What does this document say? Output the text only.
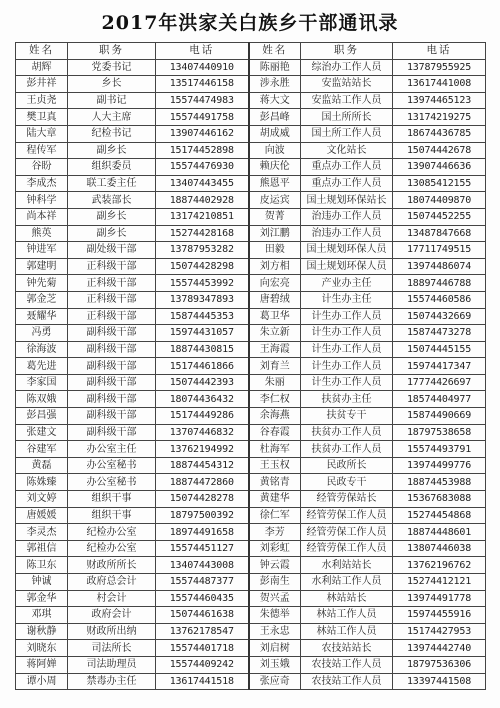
2017年洪家关白族乡干部通讯录
姓名	职务	电话	姓名	职务	电话
胡辉	党委书记	13407440910	陈丽艳	综治办工作人员	13787955925
彭井祥	乡长	13517446158	涉永胜	安监站站长	13617441008
王贞尧	副书记	15574474983	蒋大文	安监站工作人员	13974465123
樊卫真	人大主席	15574491758	彭昌峰	国土所所长	13174219275
陆大章	纪检书记	13907446162	胡成威	国土所工作人员	18674436785
程传军	副乡长	15174452898	向波	文化站长	15074442678
谷盼	组织委员	15574476930	赖庆伦	重点办工作人员	13907446636
李成杰	联工委主任	13407443455	熊恩平	重点办工作人员	13085412155
钟科学	武装部长	18874402928	皮运宾	国土规划环保站长	18074409870
尚本祥	副乡长	13174210851	贺菁	治违办工作人员	15074452255
熊英	副乡长	15274428168	刘江鹏	治违办工作人员	13487847668
钟进军	副处级干部	13787953282	田毅	国土规划环保人员	17711749515
郭建明	正科级干部	15074428298	刘方相	国土规划环保人员	13974486074
钟先菊	正科级干部	15574453992	向宏亮	产业办主任	18897446788
郭金芝	正科级干部	13789347893	唐碧绒	计生办主任	15574460586
聂耀华	正科级干部	15874445353	葛卫华	计生办工作人员	15074432669
冯勇	副科级干部	15974431057	朱立新	计生办工作人员	15874473278
徐海波	副科级干部	18874430815	王海霞	计生办工作人员	15074445155
葛先进	副科级干部	15174461866	刘育兰	计生办工作人员	15974417347
李家国	副科级干部	15074442393	朱丽	计生办工作人员	17774426697
陈双娥	副科级干部	18074436432	李仁权	扶贫办主任	18574404977
彭昌强	副科级干部	15174449286	余海燕	扶贫专干	15874490669
张建文	副科级干部	13707446832	谷春霞	扶贫办工作人员	18797538658
谷建军	办公室主任	13762194992	杜海军	扶贫办工作人员	15574493791
黄磊	办公室秘书	18874454312	王玉权	民政所长	13974499776
陈姝臻	办公室秘书	18874472860	黄铭青	民政专干	18874453988
刘文婷	组织干事	15074428278	黄建华	经管劳保站长	15367683088
唐媛媛	组织干事	18797500392	徐仁军	经管劳保工作人员	15274454868
李灵杰	纪检办公室	18974491658	李芳	经管劳保工作人员	18874448601
郭祖信	纪检办公室	15574451127	刘彩虹	经管劳保工作人员	13807446038
陈卫东	财政所所长	13407443008	钟云霞	水利站站长	13762196762
钟诚	政府总会计	15574487377	彭南生	水利站工作人员	15274412121
郭金华	村会计	15574460435	贺兴孟	林站站长	13974491778
邓琪	政府会计	15074461638	朱德举	林站工作人员	15974455916
谢秋静	财政所出纳	13762178547	王永忠	林站工作人员	15174427953
刘晓东	司法所长	15574401718	刘启树	农技站站长	13974442740
蒋阿婵	司法助理员	15574409242	刘玉娥	农技站工作人员	18797536306
谭小周	禁毒办主任	13617441518	张应奇	农技站工作人员	13397441508
